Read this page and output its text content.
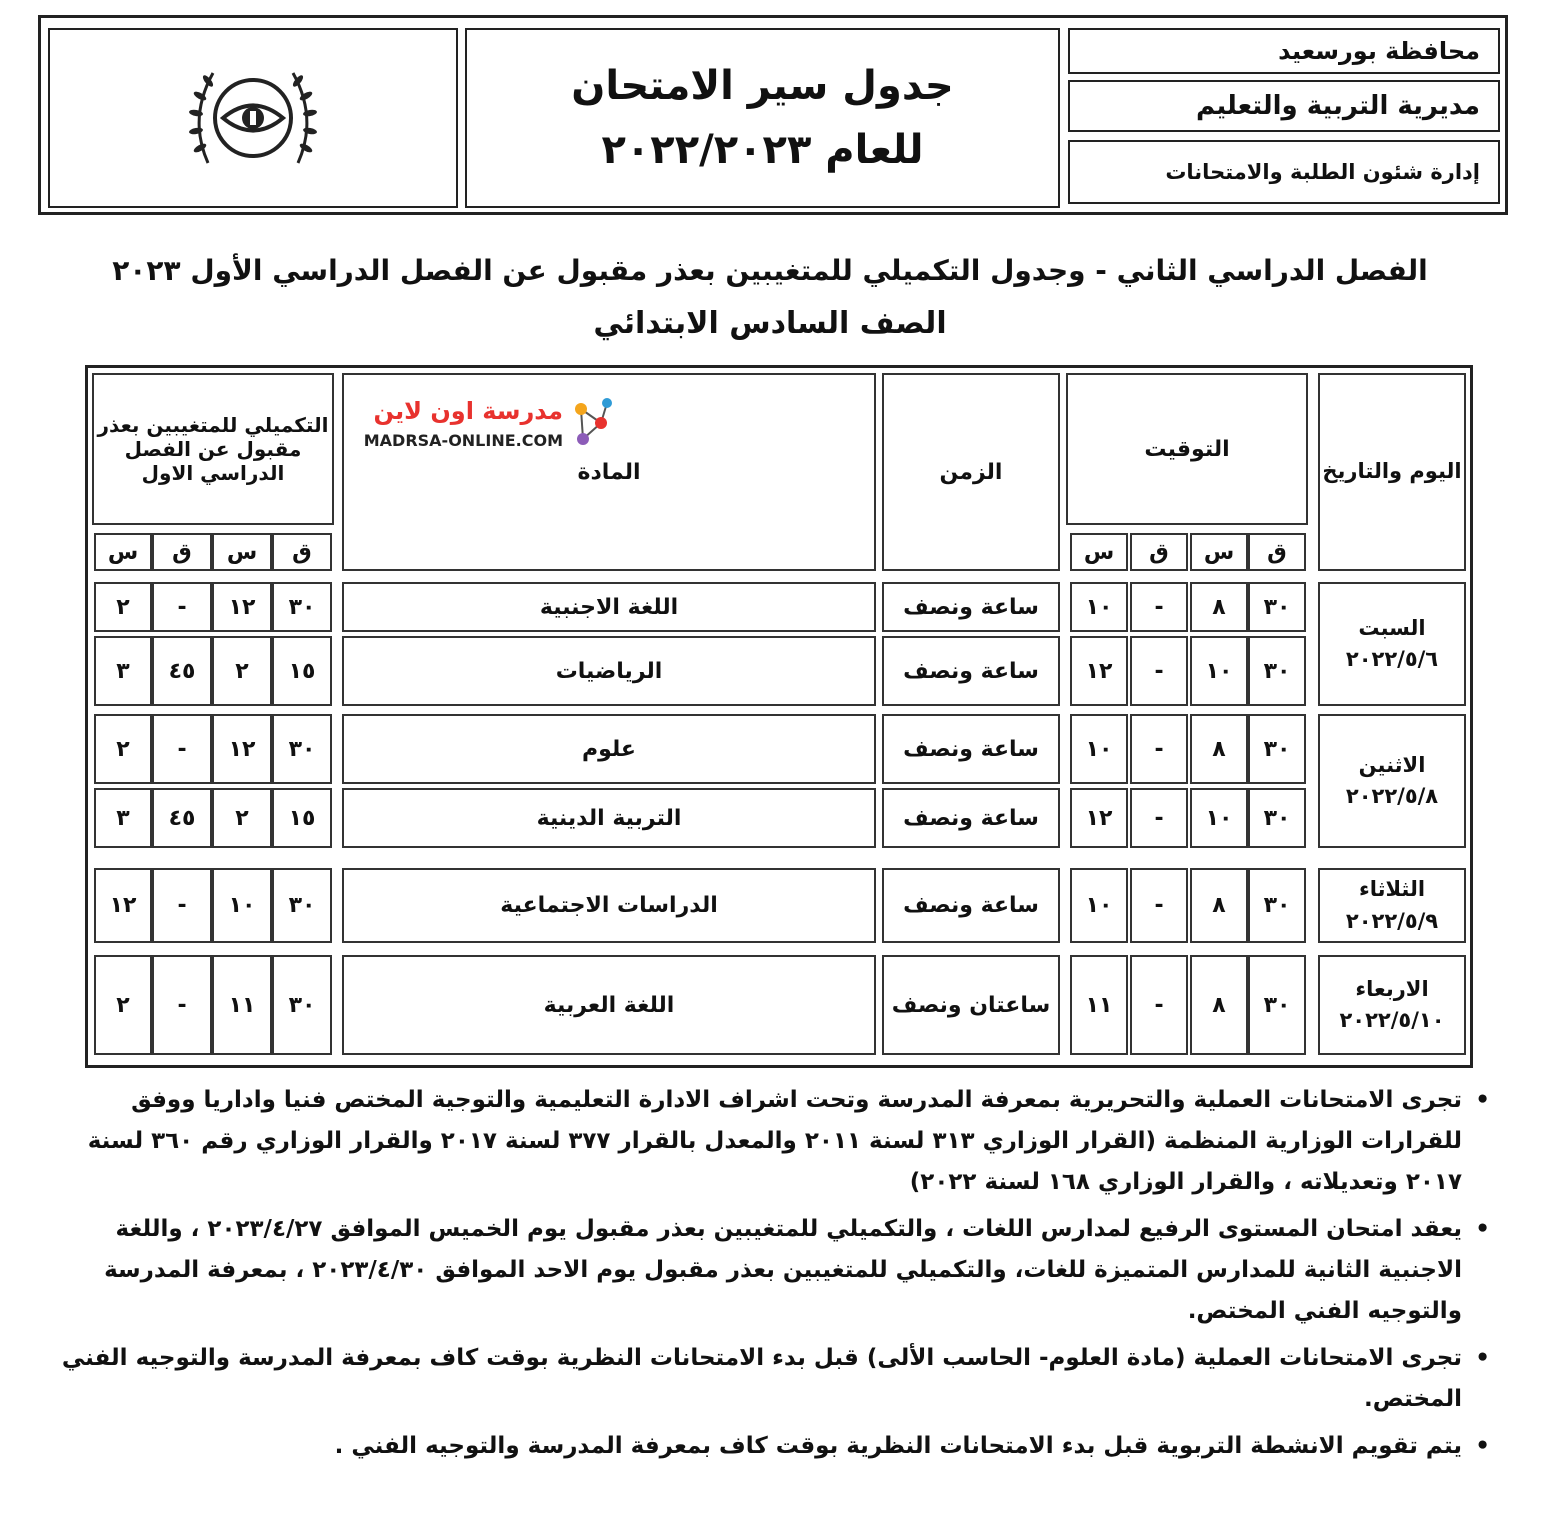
محافظة بورسعيد
مديرية التربية والتعليم
إدارة شئون الطلبة والامتحانات
جدول سير الامتحان
للعام ٢٠٢٢/٢٠٢٣
الفصل الدراسي الثاني - وجدول التكميلي للمتغيبين بعذر مقبول عن الفصل الدراسي الأول ٢٠٢٣
الصف السادس الابتدائي
اليوم والتاريخ
التوقيت
الزمن
المادة
التكميلي للمتغيبين بعذر مقبول عن الفصل الدراسي الاول
ق
س
ق
س
ق
س
ق
س
٣٠
٨
-
١٠
ساعة ونصف
اللغة الاجنبية
٣٠
١٢
-
٢
٣٠
١٠
-
١٢
ساعة ونصف
الرياضيات
١٥
٢
٤٥
٣
٣٠
٨
-
١٠
ساعة ونصف
علوم
٣٠
١٢
-
٢
٣٠
١٠
-
١٢
ساعة ونصف
التربية الدينية
١٥
٢
٤٥
٣
٣٠
٨
-
١٠
ساعة ونصف
الدراسات الاجتماعية
٣٠
١٠
-
١٢
٣٠
٨
-
١١
ساعتان ونصف
اللغة العربية
٣٠
١١
-
٢
السبت
٢٠٢٢/٥/٦
الاثنين
٢٠٢٢/٥/٨
الثلاثاء
٢٠٢٢/٥/٩
الاربعاء
٢٠٢٢/٥/١٠
مدرسة اون لاين
MADRSA-ONLINE.COM
•
تجرى الامتحانات العملية والتحريرية بمعرفة المدرسة وتحت اشراف الادارة التعليمية والتوجية المختص فنيا واداريا ووفق للقرارات الوزارية المنظمة (القرار الوزاري ٣١٣ لسنة ٢٠١١ والمعدل بالقرار ٣٧٧ لسنة ٢٠١٧ والقرار الوزاري رقم ٣٦٠ لسنة ٢٠١٧ وتعديلاته ، والقرار الوزاري ١٦٨ لسنة ٢٠٢٢)
•
يعقد امتحان المستوى الرفيع لمدارس اللغات ، والتكميلي للمتغيبين بعذر مقبول يوم الخميس الموافق ٢٠٢٣/٤/٢٧ ، واللغة الاجنبية الثانية للمدارس المتميزة للغات، والتكميلي للمتغيبين بعذر مقبول يوم الاحد الموافق ٢٠٢٣/٤/٣٠ ، بمعرفة المدرسة والتوجيه الفني المختص.
•
تجرى الامتحانات العملية (مادة العلوم- الحاسب الألى) قبل بدء الامتحانات النظرية بوقت كاف بمعرفة المدرسة والتوجيه الفني المختص.
•
يتم تقويم الانشطة التربوية قبل بدء الامتحانات النظرية بوقت كاف بمعرفة المدرسة والتوجيه الفني .
